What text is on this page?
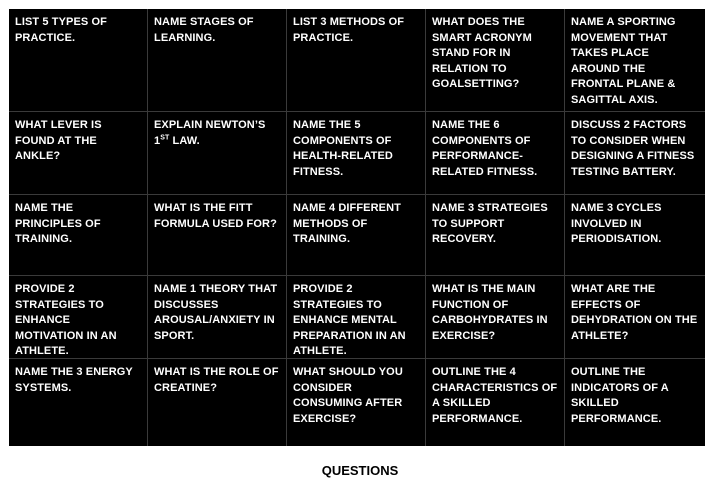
LIST 5 TYPES OF PRACTICE.
NAME STAGES OF LEARNING.
LIST 3 METHODS OF PRACTICE.
WHAT DOES THE SMART ACRONYM STAND FOR IN RELATION TO GOALSETTING?
NAME A SPORTING MOVEMENT THAT TAKES PLACE AROUND THE FRONTAL PLANE & SAGITTAL AXIS.
WHAT LEVER IS FOUND AT THE ANKLE?
EXPLAIN NEWTON’S 1ST LAW.
NAME THE 5 COMPONENTS OF HEALTH-RELATED FITNESS.
NAME THE 6 COMPONENTS OF PERFORMANCE-RELATED FITNESS.
DISCUSS 2 FACTORS TO CONSIDER WHEN DESIGNING A FITNESS TESTING BATTERY.
NAME THE PRINCIPLES OF TRAINING.
WHAT IS THE FITT FORMULA USED FOR?
NAME 4 DIFFERENT METHODS OF TRAINING.
NAME 3 STRATEGIES TO SUPPORT RECOVERY.
NAME 3 CYCLES INVOLVED IN PERIODISATION.
PROVIDE 2 STRATEGIES TO ENHANCE MOTIVATION IN AN ATHLETE.
NAME 1 THEORY THAT DISCUSSES AROUSAL/ANXIETY IN SPORT.
PROVIDE 2 STRATEGIES TO ENHANCE MENTAL PREPARATION IN AN ATHLETE.
WHAT IS THE MAIN FUNCTION OF CARBOHYDRATES IN EXERCISE?
WHAT ARE THE EFFECTS OF DEHYDRATION ON THE ATHLETE?
NAME THE 3 ENERGY SYSTEMS.
WHAT IS THE ROLE OF CREATINE?
WHAT SHOULD YOU CONSIDER CONSUMING AFTER EXERCISE?
OUTLINE THE 4 CHARACTERISTICS OF A SKILLED PERFORMANCE.
OUTLINE THE INDICATORS OF A SKILLED PERFORMANCE.
QUESTIONS
